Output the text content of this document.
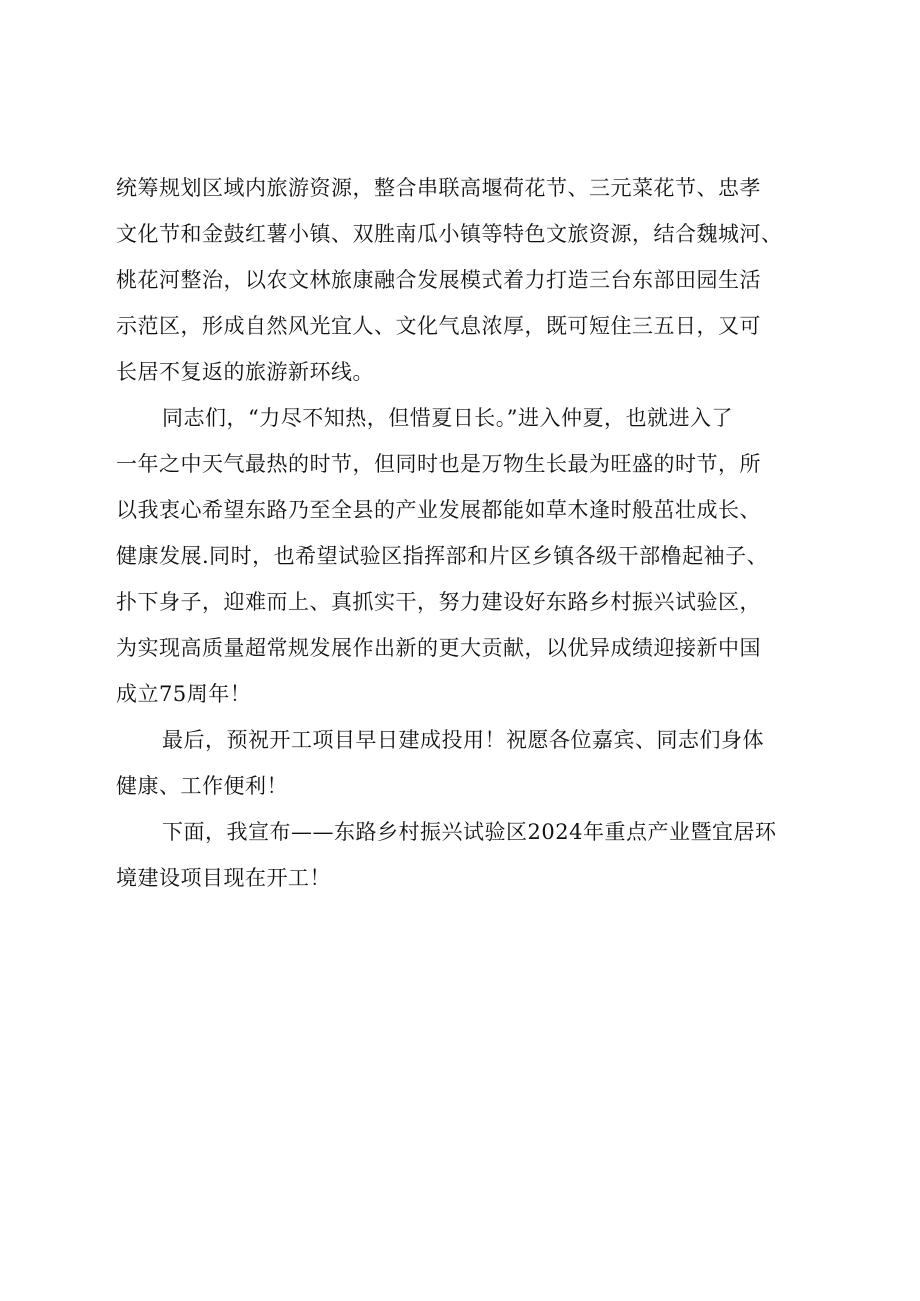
统筹规划区域内旅游资源，整合串联高堰荷花节、三元菜花节、忠孝
文化节和金鼓红薯小镇、双胜南瓜小镇等特色文旅资源，结合魏城河、
桃花河整治，以农文林旅康融合发展模式着力打造三台东部田园生活
示范区，形成自然风光宜人、文化气息浓厚，既可短住三五日，又可
长居不复返的旅游新环线。
同志们，“力尽不知热，但惜夏日长。”进入仲夏，也就进入了
一年之中天气最热的时节，但同时也是万物生长最为旺盛的时节，所
以我衷心希望东路乃至全县的产业发展都能如草木逢时般茁壮成长、
健康发展.同时，也希望试验区指挥部和片区乡镇各级干部橹起袖子、
扑下身子，迎难而上、真抓实干，努力建设好东路乡村振兴试验区，
为实现高质量超常规发展作出新的更大贡献，以优异成绩迎接新中国
成立75周年！
最后，预祝开工项目早日建成投用！祝愿各位嘉宾、同志们身体
健康、工作便利！
下面，我宣布——东路乡村振兴试验区2024年重点产业暨宜居环
境建设项目现在开工！
